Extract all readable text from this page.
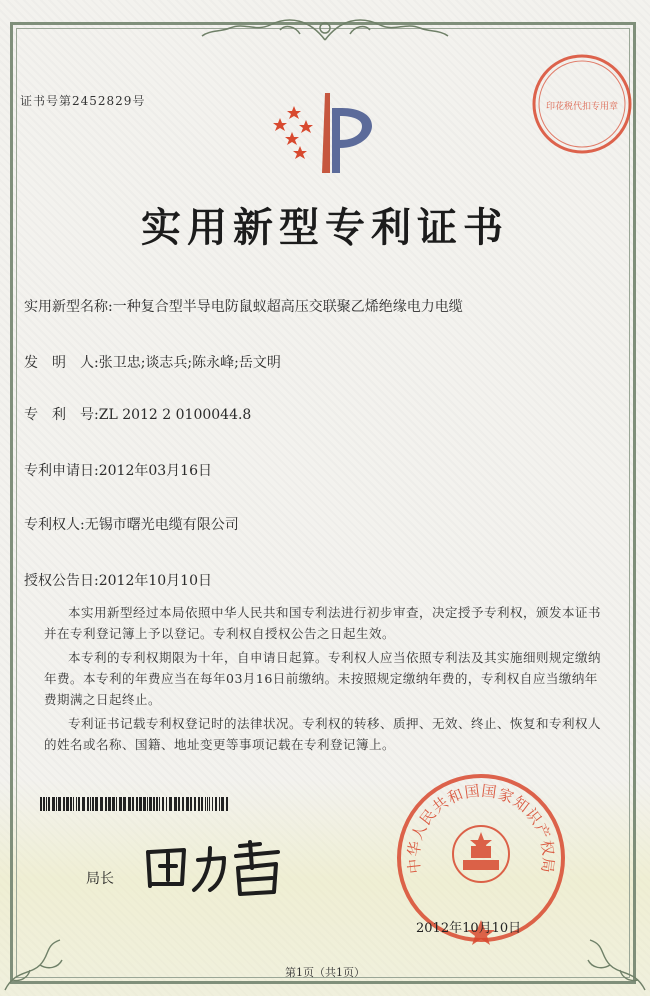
证书号第2452829号	印花税代扣专用章
实用新型专利证书
实用新型名称:一种复合型半导电防鼠蚁超高压交联聚乙烯绝缘电力电缆
发　明　人:张卫忠;谈志兵;陈永峰;岳文明
专　利　号:ZL 2012 2 0100044.8
专利申请日:2012年03月16日
专利权人:无锡市曙光电缆有限公司
授权公告日:2012年10月10日

本实用新型经过本局依照中华人民共和国专利法进行初步审查，决定授予专利权，颁发本证书并在专利登记簿上予以登记。专利权自授权公告之日起生效。

本专利的专利权期限为十年，自申请日起算。专利权人应当依照专利法及其实施细则规定缴纳年费。本专利的年费应当在每年03月16日前缴纳。未按照规定缴纳年费的，专利权自应当缴纳年费期满之日起终止。

专利证书记载专利权登记时的法律状况。专利权的转移、质押、无效、终止、恢复和专利权人的姓名或名称、国籍、地址变更等事项记载在专利登记簿上。

中华人民共和国国家知识产权局
局长
2012年10月10日
第1页（共1页）
